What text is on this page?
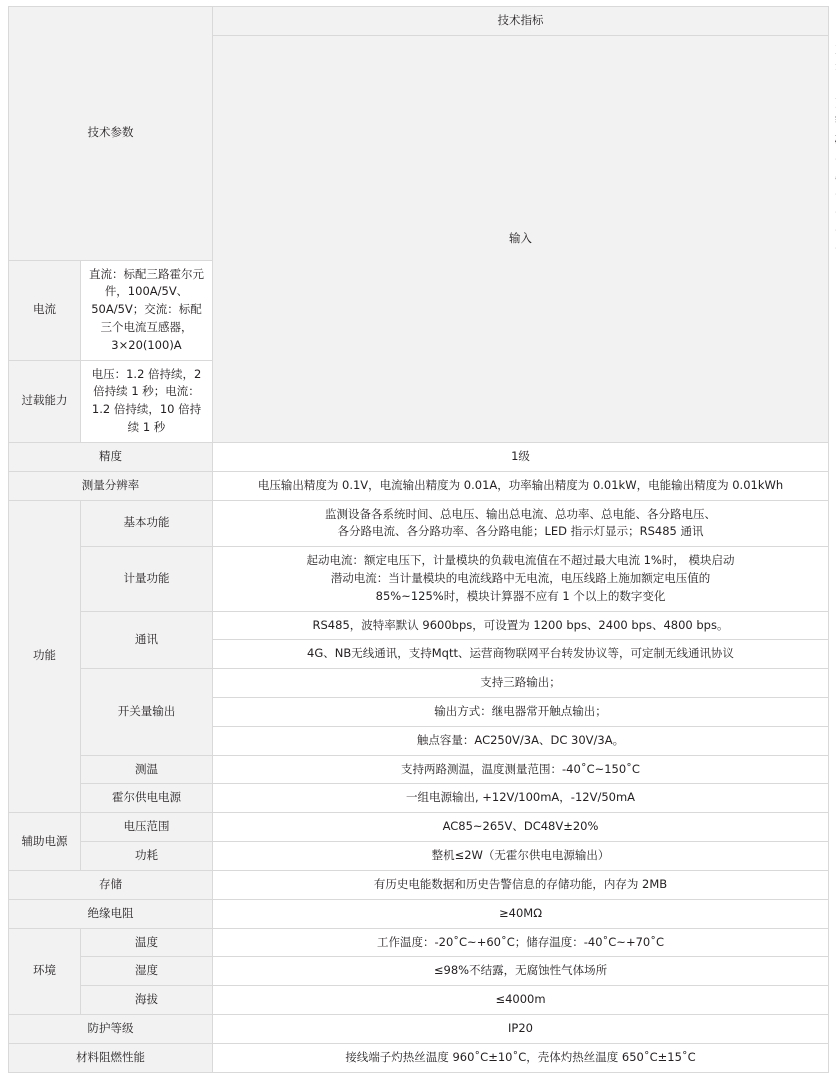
技术参数		技术指标	
		输入		

电流	直流：标配三路霍尔元件，100A/5V、50A/5V；交流：标配三个电流互感器，3×20(100)A		

过载能力	电压：1.2 倍持续，2 倍持续 1 秒；电流：1.2 倍持续，10 倍持续 1 秒		

精度		1级	

测量分辨率		电压输出精度为 0.1V，电流输出精度为 0.01A，功率输出精度为 0.01kW，电能输出精度为 0.01kWh	

功能	基本功能	监测设备各系统时间、总电压、输出总电流、总功率、总电能、各分路电压、
各分路电流、各分路功率、各分路电能；LED 指示灯显示；RS485 通讯	

	计量功能	起动电流：额定电压下，计量模块的负载电流值在不超过最大电流 1%时， 模块启动
潜动电流：当计量模块的电流线路中无电流，电压线路上施加额定电压值的
85%~125%时，模块计算器不应有 1 个以上的数字变化	

	通讯	RS485，波特率默认 9600bps，可设置为 1200 bps、2400 bps、4800 bps。	

		4G、NB无线通讯，支持Mqtt、运营商物联网平台转发协议等，可定制无线通讯协议	

	开关量输出	支持三路输出；	

		输出方式：继电器常开触点输出；	

		触点容量：AC250V/3A、DC 30V/3A。	

	测温	支持两路测温，温度测量范围：-40˚C~150˚C	

	霍尔供电电源	一组电源输出, +12V/100mA，-12V/50mA	

辅助电源	电压范围	AC85~265V、DC48V±20%	

	功耗	整机≤2W（无霍尔供电电源输出）	

存储		有历史电能数据和历史告警信息的存储功能，内存为 2MB	

绝缘电阻		≥40MΩ	

环境	温度	工作温度：-20˚C~+60˚C；储存温度：-40˚C~+70˚C	

	湿度	≤98%不结露，无腐蚀性气体场所	

	海拔	≤4000m	

防护等级		IP20	

材料阻燃性能		接线端子灼热丝温度 960˚C±10˚C，壳体灼热丝温度 650˚C±15˚C	
